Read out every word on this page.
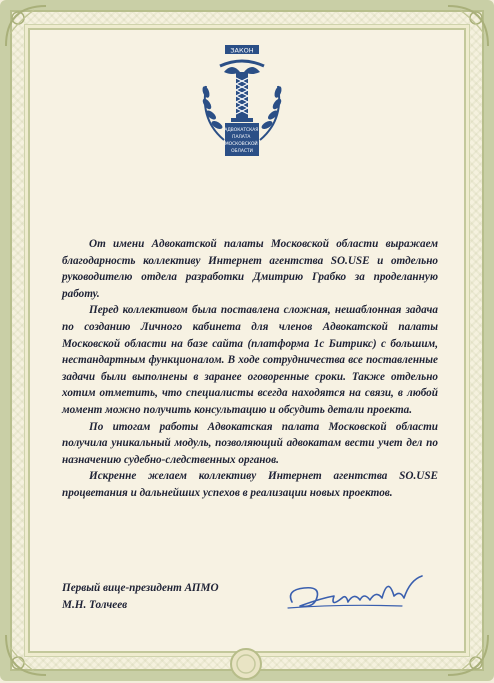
ЗАКОН
АДВОКАТСКАЯ ПАЛАТА МОСКОВСКОЙ ОБЛАСТИ

От имени Адвокатской палаты Московской области выражаем благодарность коллективу Интернет агентства SO.USE и отдельно руководителю отдела разработки Дмитрию Грабко за проделанную работу.

Перед коллективом была поставлена сложная, нешаблонная задача по созданию Личного кабинета для членов Адвокатской палаты Московской области на базе сайта (платформа 1с Битрикс) с большим, нестандартным функционалом. В ходе сотрудничества все поставленные задачи были выполнены в заранее оговоренные сроки. Также отдельно хотим отметить, что специалисты всегда находятся на связи, в любой момент можно получить консультацию и обсудить детали проекта.

По итогам работы Адвокатская палата Московской области получила уникальный модуль, позволяющий адвокатам вести учет дел по назначению судебно-следственных органов.

Искренне желаем коллективу Интернет агентства SO.USE процветания и дальнейших успехов в реализации новых проектов.

Первый вице-президент АПМО
М.Н. Толчеев
